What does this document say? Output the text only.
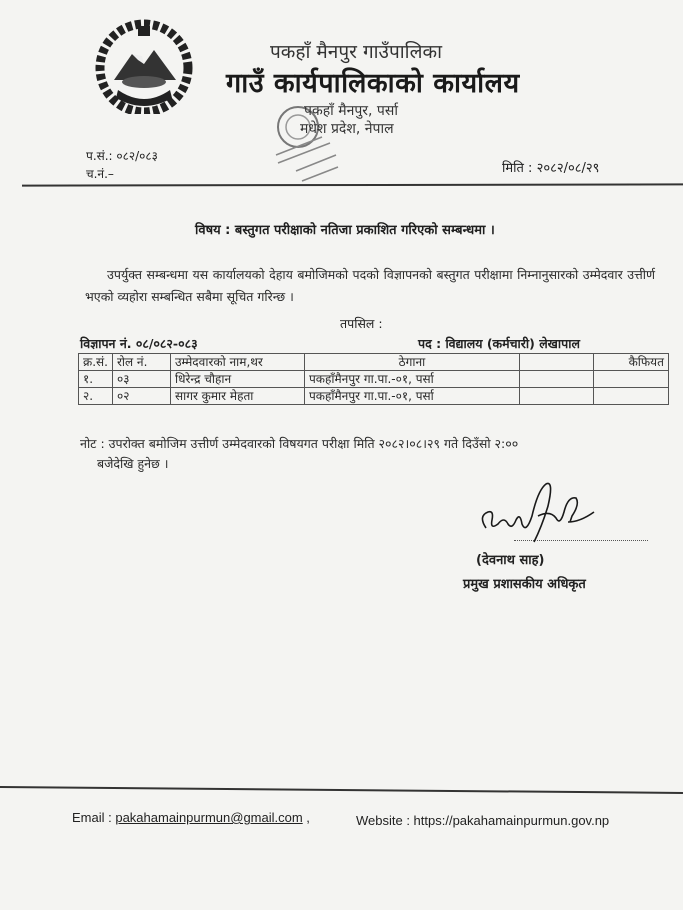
पकहाँ मैनपुर गाउँपालिका
गाउँ कार्यपालिकाको कार्यालय
पकहाँ मैनपुर, पर्सा
मधेश प्रदेश, नेपाल
प.सं.: ०८२/०८३
च.नं.–	मिति : २०८२/०८/२९
विषय : बस्तुगत परीक्षाको नतिजा प्रकाशित गरिएको सम्बन्धमा ।
उपर्युक्त सम्बन्धमा यस कार्यालयको देहाय बमोजिमको पदको विज्ञापनको बस्तुगत परीक्षामा निम्नानुसारको उम्मेदवार उत्तीर्ण भएको व्यहोरा सम्बन्धित सबैमा सूचित गरिन्छ ।
तपसिल :
विज्ञापन नं. ०८/०८२-०८३	पद : विद्यालय (कर्मचारी) लेखापाल
क्र.सं.	रोल नं.	उम्मेदवारको नाम,थर	ठेगाना		कैफियत
१.	०३	धिरेन्द्र चौहान	पकहाँमैनपुर गा.पा.-०१, पर्सा		
२.	०२	सागर कुमार मेहता	पकहाँमैनपुर गा.पा.-०१, पर्सा		
नोट : उपरोक्त बमोजिम उत्तीर्ण उम्मेदवारको विषयगत परीक्षा मिति २०८२।०८।२९ गते दिउँसो २:००
बजेदेखि हुनेछ ।
(देवनाथ साह)
प्रमुख प्रशासकीय अधिकृत
Email : pakahamainpurmun@gmail.com ,	Website : https://pakahamainpurmun.gov.np
